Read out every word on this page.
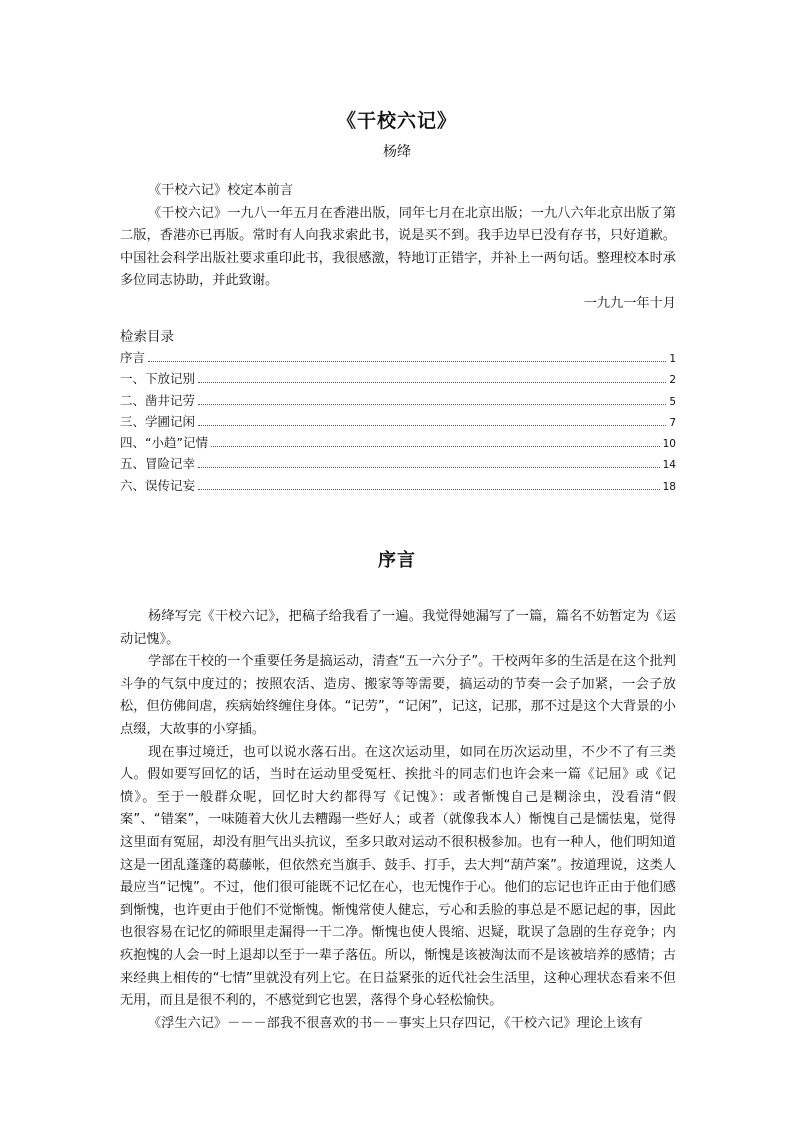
《干校六记》
杨绛

《干校六记》校定本前言

《干校六记》一九八一年五月在香港出版，同年七月在北京出版；一九八六年北京出版了第二版，香港亦已再版。常时有人向我求索此书，说是买不到。我手边早已没有存书，只好道歉。中国社会科学出版社要求重印此书，我很感激，特地订正错字，并补上一两句话。整理校本时承多位同志协助，并此致谢。

一九九一年十月

检索目录
序言	1
一、下放记别	2
二、凿井记劳	5
三、学圃记闲	7
四、“小趋”记情	10
五、冒险记幸	14
六、误传记妄	18
序言

杨绛写完《干校六记》，把稿子给我看了一遍。我觉得她漏写了一篇，篇名不妨暂定为《运动记愧》。

学部在干校的一个重要任务是搞运动，清查“五一六分子”。干校两年多的生活是在这个批判斗争的气氛中度过的；按照农活、造房、搬家等等需要，搞运动的节奏一会子加紧，一会子放松，但仿佛间虐，疾病始终缠住身体。“记劳”，“记闲”，记这，记那，那不过是这个大背景的小点缀，大故事的小穿插。

现在事过境迁，也可以说水落石出。在这次运动里，如同在历次运动里，不少不了有三类人。假如要写回忆的话，当时在运动里受冤枉、挨批斗的同志们也许会来一篇《记屈》或《记愤》。至于一般群众呢，回忆时大约都得写《记愧》：或者惭愧自己是糊涂虫，没看清“假案”、“错案”，一味随着大伙儿去糟蹋一些好人；或者（就像我本人）惭愧自己是懦怯鬼，觉得这里面有冤屈，却没有胆气出头抗议，至多只敢对运动不很积极参加。也有一种人，他们明知道这是一团乱蓬蓬的葛藤帐，但依然充当旗手、鼓手、打手，去大判“葫芦案”。按道理说，这类人最应当“记愧”。不过，他们很可能既不记忆在心，也无愧作于心。他们的忘记也许正由于他们感到惭愧，也许更由于他们不觉惭愧。惭愧常使人健忘，亏心和丢脸的事总是不愿记起的事，因此也很容易在记忆的筛眼里走漏得一干二净。惭愧也使人畏缩、迟疑，耽误了急剧的生存竞争；内疚抱愧的人会一时上退却以至于一辈子落伍。所以，惭愧是该被淘汰而不是该被培养的感情；古来经典上相传的“七情”里就没有列上它。在日益紧张的近代社会生活里，这种心理状态看来不但无用，而且是很不利的，不感觉到它也罢，落得个身心轻松愉快。

《浮生六记》－－－部我不很喜欢的书－－事实上只存四记，《干校六记》理论上该有
